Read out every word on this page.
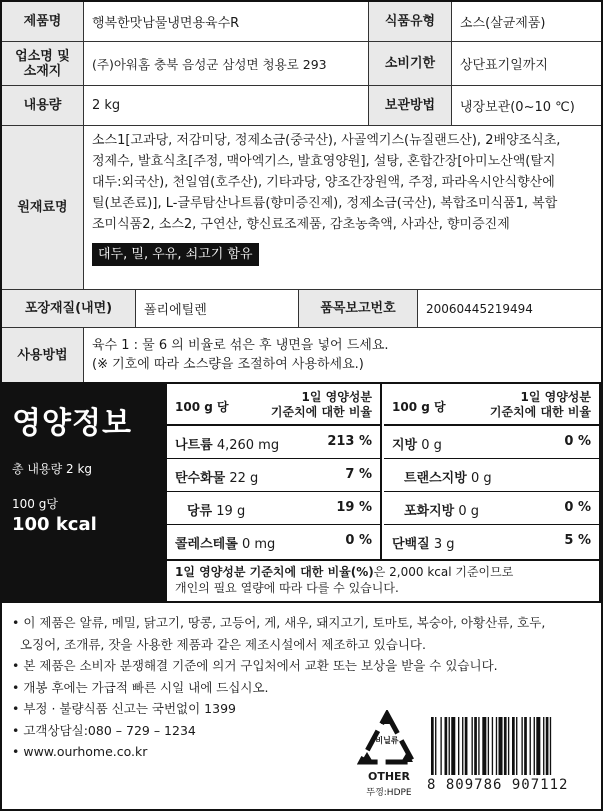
제품명	행복한맛남물냉면용육수R	식품유형	소스(살균제품)
업소명 및 소재지	(주)아워홈 충북 음성군 삼성면 청용로 293	소비기한	상단표기일까지
내용량	2 kg	보관방법	냉장보관(0~10 ℃)
원재료명
소스1[고과당, 저감미당, 정제소금(중국산), 사골엑기스(뉴질랜드산), 2배양조식초,
정제수, 발효식초[주정, 맥아엑기스, 발효영양원], 설탕, 혼합간장[아미노산액(탈지
대두:외국산), 천일염(호주산), 기타과당, 양조간장원액, 주정, 파라옥시안식향산에
틸(보존료)], L-글루탐산나트륨(향미증진제), 정제소금(국산), 복합조미식품1, 복합
조미식품2, 소스2, 구연산, 향신료조제품, 감초농축액, 사과산, 향미증진제
대두, 밀, 우유, 쇠고기 함유
포장재질(내면)	폴리에틸렌	품목보고번호	20060445219494
사용방법
육수 1 : 물 6 의 비율로 섞은 후 냉면을 넣어 드세요.
(※ 기호에 따라 소스량을 조절하여 사용하세요.)
영양정보
총 내용량 2 kg
100 g당
100 kcal
100 g 당
1일 영양성분
기준치에 대한 비율
나트륨 4,260 mg	213 %
탄수화물 22 g	7 %
당류 19 g	19 %
콜레스테롤 0 mg	0 %
100 g 당
1일 영양성분
기준치에 대한 비율
지방 0 g	0 %
트랜스지방 0 g
포화지방 0 g	0 %
단백질 3 g	5 %
1일 영양성분 기준치에 대한 비율(%)은 2,000 kcal 기준이므로
개인의 필요 열량에 따라 다를 수 있습니다.
• 이 제품은 알류, 메밀, 닭고기, 땅콩, 고등어, 게, 새우, 돼지고기, 토마토, 복숭아, 아황산류, 호두,
오징어, 조개류, 잣을 사용한 제품과 같은 제조시설에서 제조하고 있습니다.
• 본 제품은 소비자 분쟁해결 기준에 의거 구입처에서 교환 또는 보상을 받을 수 있습니다.
• 개봉 후에는 가급적 빠른 시일 내에 드십시오.
• 부정 · 불량식품 신고는 국번없이 1399
• 고객상담실:080 – 729 – 1234
• www.ourhome.co.kr
비닐류
OTHER
뚜껑:HDPE	8 809786 907112
